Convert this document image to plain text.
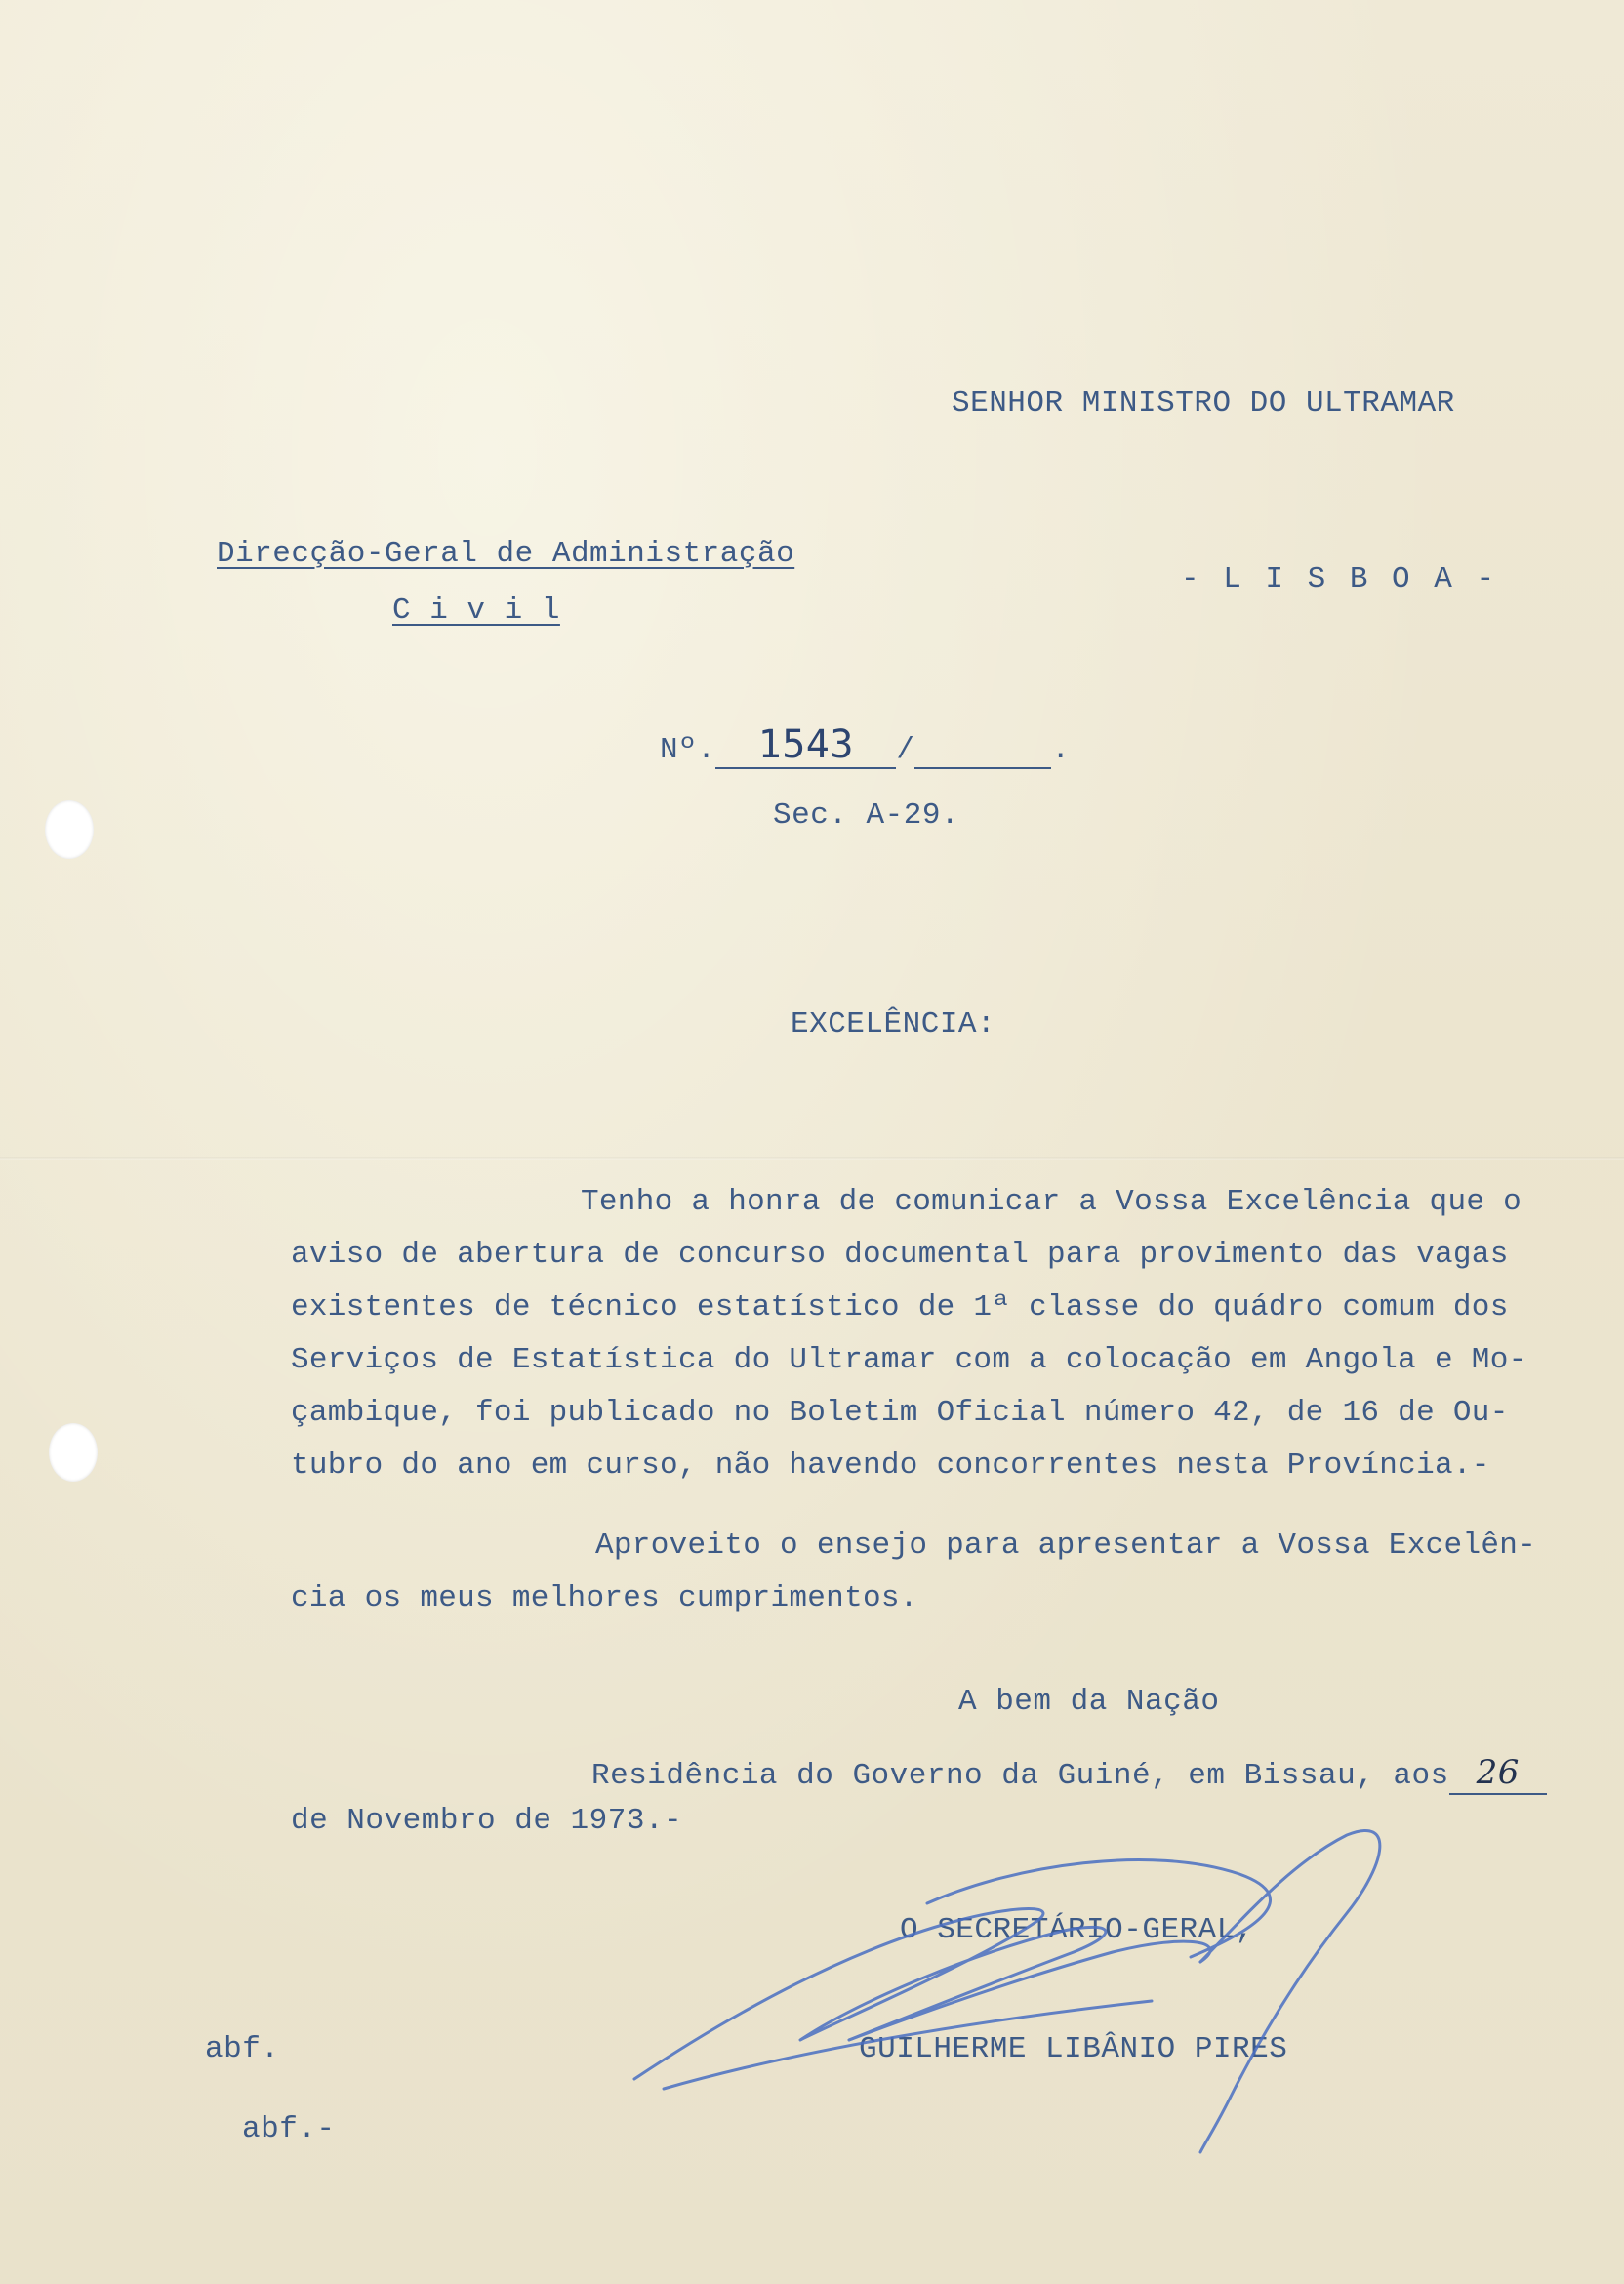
SENHOR MINISTRO DO ULTRAMAR
Direcção-Geral de Administração
C i v i l
- L I S B O A -
Nº. 1543 /	.
Sec. A-29.
EXCELÊNCIA:
Tenho a honra de comunicar a Vossa Excelência que o
aviso de abertura de concurso documental para provimento das vagas
existentes de técnico estatístico de 1ª classe do quádro comum dos
Serviços de Estatística do Ultramar com a colocação em Angola e Mo-
çambique, foi publicado no Boletim Oficial número 42, de 16 de Ou-
tubro do ano em curso, não havendo concorrentes nesta Província.-
Aproveito o ensejo para apresentar a Vossa Excelên-
cia os meus melhores cumprimentos.
A bem da Nação
Residência do Governo da Guiné, em Bissau, aos 26
de Novembro de 1973.-
O SECRETÁRIO-GERAL,
GUILHERME LIBÂNIO PIRES
abf.
abf.-
